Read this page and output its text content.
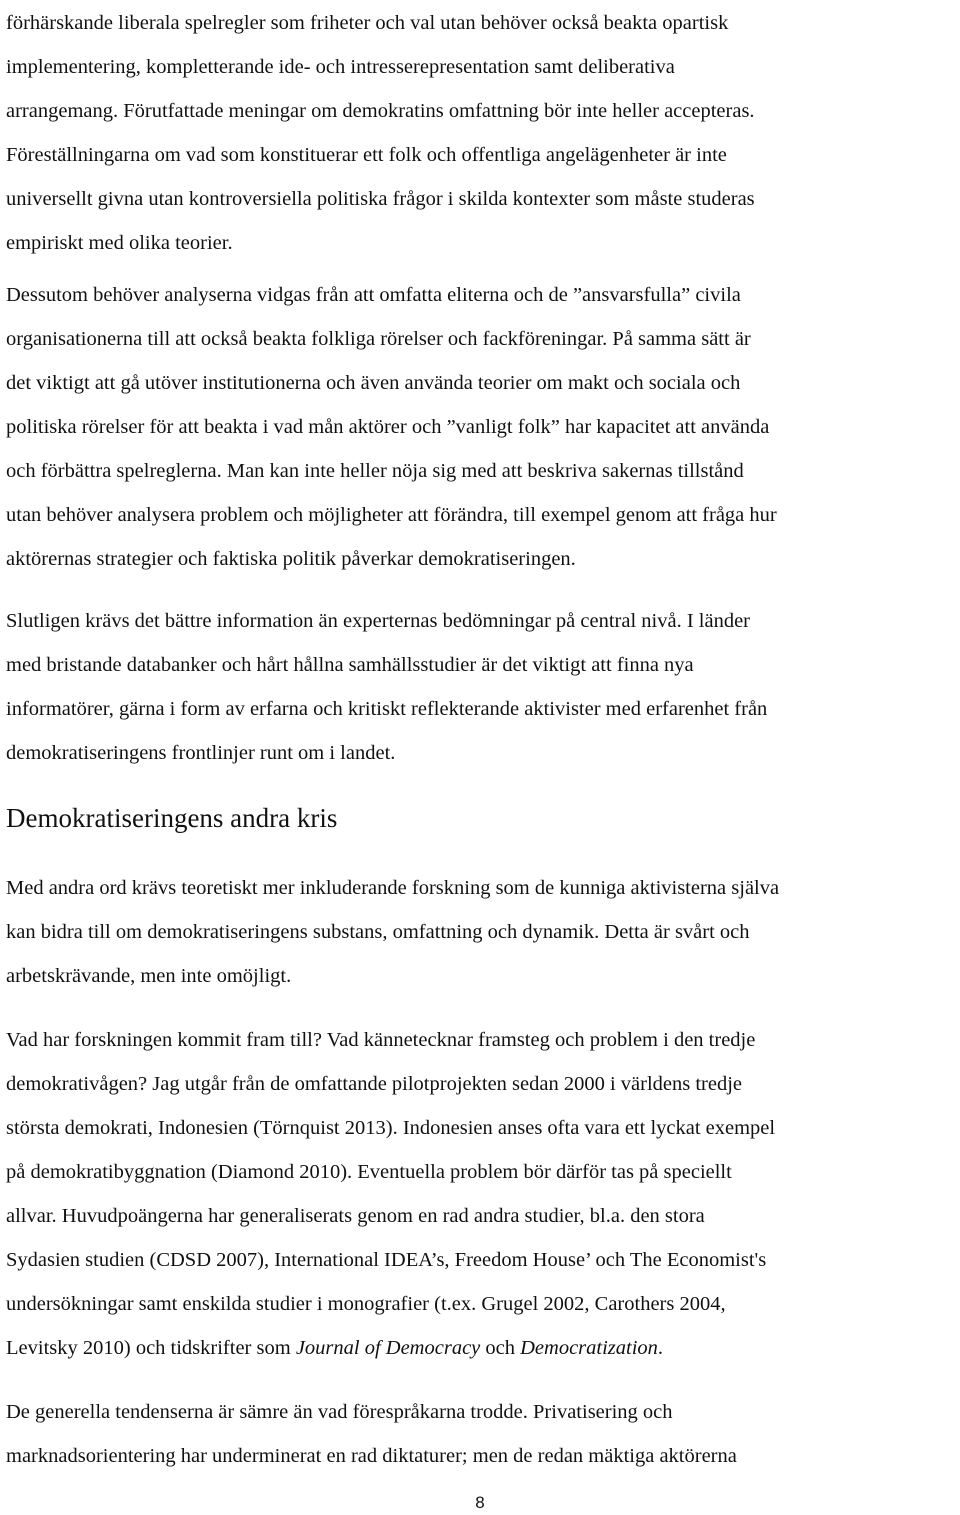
förhärskande liberala spelregler som friheter och val utan behöver också beakta opartisk
implementering, kompletterande ide- och intresserepresentation samt deliberativa
arrangemang. Förutfattade meningar om demokratins omfattning bör inte heller accepteras.
Föreställningarna om vad som konstituerar ett folk och offentliga angelägenheter är inte
universellt givna utan kontroversiella politiska frågor i skilda kontexter som måste studeras
empiriskt med olika teorier.

Dessutom behöver analyserna vidgas från att omfatta eliterna och de ”ansvarsfulla” civila
organisationerna till att också beakta folkliga rörelser och fackföreningar. På samma sätt är
det viktigt att gå utöver institutionerna och även använda teorier om makt och sociala och
politiska rörelser för att beakta i vad mån aktörer och ”vanligt folk” har kapacitet att använda
och förbättra spelreglerna. Man kan inte heller nöja sig med att beskriva sakernas tillstånd
utan behöver analysera problem och möjligheter att förändra, till exempel genom att fråga hur
aktörernas strategier och faktiska politik påverkar demokratiseringen.

Slutligen krävs det bättre information än experternas bedömningar på central nivå. I länder
med bristande databanker och hårt hållna samhällsstudier är det viktigt att finna nya
informatörer, gärna i form av erfarna och kritiskt reflekterande aktivister med erfarenhet från
demokratiseringens frontlinjer runt om i landet.

Demokratiseringens andra kris

Med andra ord krävs teoretiskt mer inkluderande forskning som de kunniga aktivisterna själva
kan bidra till om demokratiseringens substans, omfattning och dynamik. Detta är svårt och
arbetskrävande, men inte omöjligt.

Vad har forskningen kommit fram till? Vad kännetecknar framsteg och problem i den tredje
demokrativågen? Jag utgår från de omfattande pilotprojekten sedan 2000 i världens tredje
största demokrati, Indonesien (Törnquist 2013). Indonesien anses ofta vara ett lyckat exempel
på demokratibyggnation (Diamond 2010). Eventuella problem bör därför tas på speciellt
allvar. Huvudpoängerna har generaliserats genom en rad andra studier, bl.a. den stora
Sydasien studien (CDSD 2007), International IDEA’s, Freedom House’ och The Economist's
undersökningar samt enskilda studier i monografier (t.ex. Grugel 2002, Carothers 2004,
Levitsky 2010) och tidskrifter som Journal of Democracy och Democratization.

De generella tendenserna är sämre än vad förespråkarna trodde. Privatisering och
marknadsorientering har underminerat en rad diktaturer; men de redan mäktiga aktörerna

8
